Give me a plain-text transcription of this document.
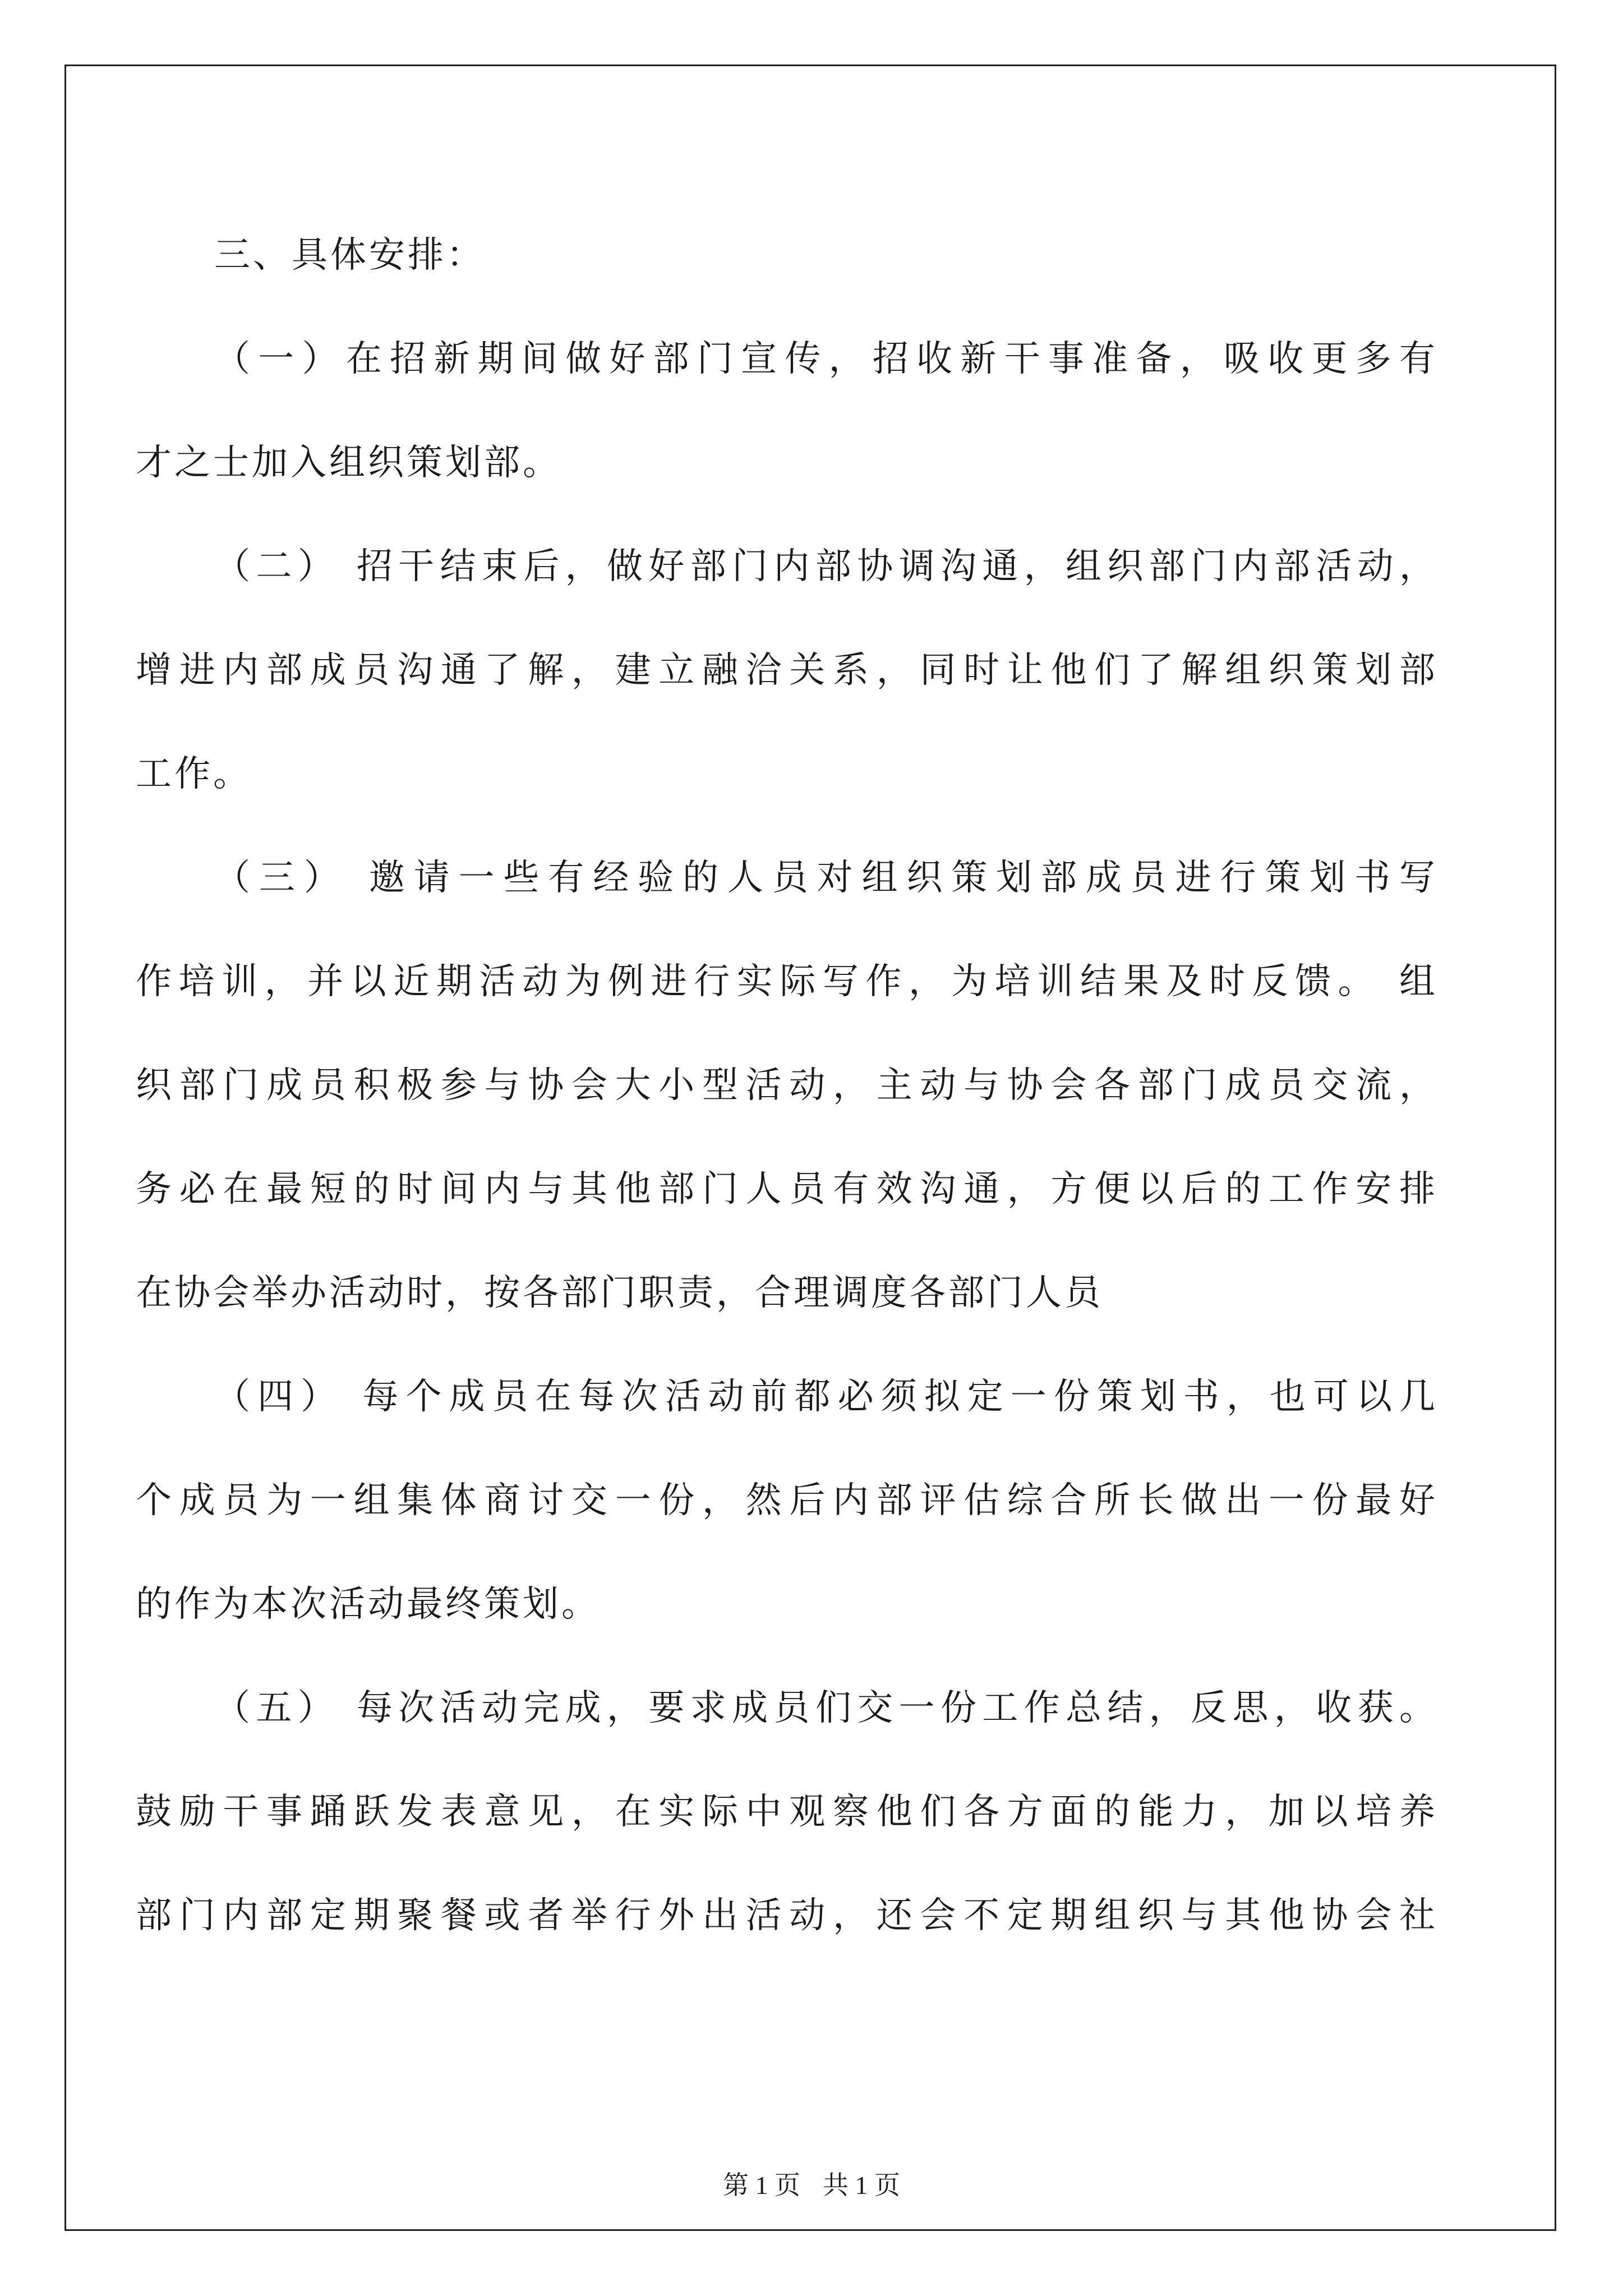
三、具体安排：
（一）在招新期间做好部门宣传，招收新干事准备，吸收更多有
才之士加入组织策划部。
（二） 招干结束后，做好部门内部协调沟通，组织部门内部活动，
增进内部成员沟通了解，建立融洽关系，同时让他们了解组织策划部
工作。
（三） 邀请一些有经验的人员对组织策划部成员进行策划书写
作培训，并以近期活动为例进行实际写作，为培训结果及时反馈。 组
织部门成员积极参与协会大小型活动，主动与协会各部门成员交流，
务必在最短的时间内与其他部门人员有效沟通，方便以后的工作安排
在协会举办活动时，按各部门职责，合理调度各部门人员
（四） 每个成员在每次活动前都必须拟定一份策划书，也可以几
个成员为一组集体商讨交一份，然后内部评估综合所长做出一份最好
的作为本次活动最终策划。
（五） 每次活动完成，要求成员们交一份工作总结，反思，收获。
鼓励干事踊跃发表意见，在实际中观察他们各方面的能力，加以培养
部门内部定期聚餐或者举行外出活动，还会不定期组织与其他协会社
第 1 页 共 1 页
